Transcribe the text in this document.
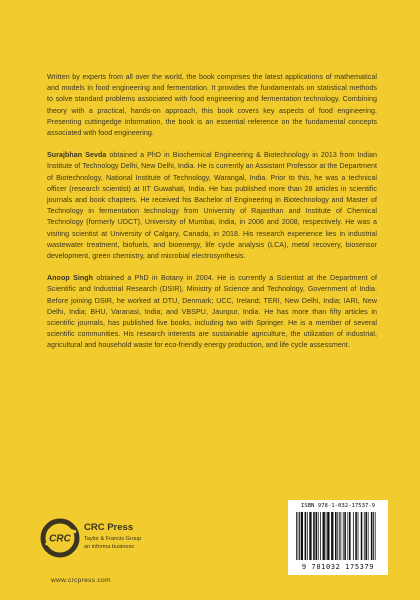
Written by experts from all over the world, the book comprises the latest applications of mathematical and models in food engineering and fermentation. It provides the fundamentals on statistical methods to solve standard problems associated with food engineering and fermentation technology. Combining theory with a practical, hands-on approach, this book covers key aspects of food engineering. Presenting cuttingedge information, the book is an essential reference on the fundamental concepts associated with food engineering.

Surajbhan Sevda obtained a PhD in Biochemical Engineering & Biotechnology in 2013 from Indian Institute of Technology Delhi, New Delhi, India. He is currently an Assistant Professor at the Department of Biotechnology, National Institute of Technology, Warangal, India. Prior to this, he was a technical officer (research scientist) at IIT Guwahati, India. He has published more than 28 articles in scientific journals and book chapters. He received his Bachelor of Engineering in Biotechnology and Master of Technology in fermentation technology from University of Rajasthan and Institute of Chemical Technology (formerly UDCT), University of Mumbai, India, in 2006 and 2008, respectively. He was a visiting scientist at University of Calgary, Canada, in 2018. His research experience lies in industrial wastewater treatment, biofuels, and bioenergy, life cycle analysis (LCA), metal recovery, biosensor development, green chemistry, and microbial electrosynthesis.

Anoop Singh obtained a PhD in Botany in 2004. He is currently a Scientist at the Department of Scientific and Industrial Research (DSIR), Ministry of Science and Technology, Government of India. Before joining DSIR, he worked at DTU, Denmark; UCC, Ireland; TERI, New Delhi, India; IARI, New Delhi, India; BHU, Varanasi, India; and VBSPU, Jaunpur, India. He has more than fifty articles in scientific journals, has published five books, including two with Springer. He is a member of several scientific communities. His research interests are sustainable agriculture, the utilization of industrial, agricultural and household waste for eco-friendly energy production, and life cycle assessment.

CRC
CRC Press
Taylor & Francis Group
an informa business
www.crcpress.com
ISBN 978-1-032-17537-9
9 781032 175379
